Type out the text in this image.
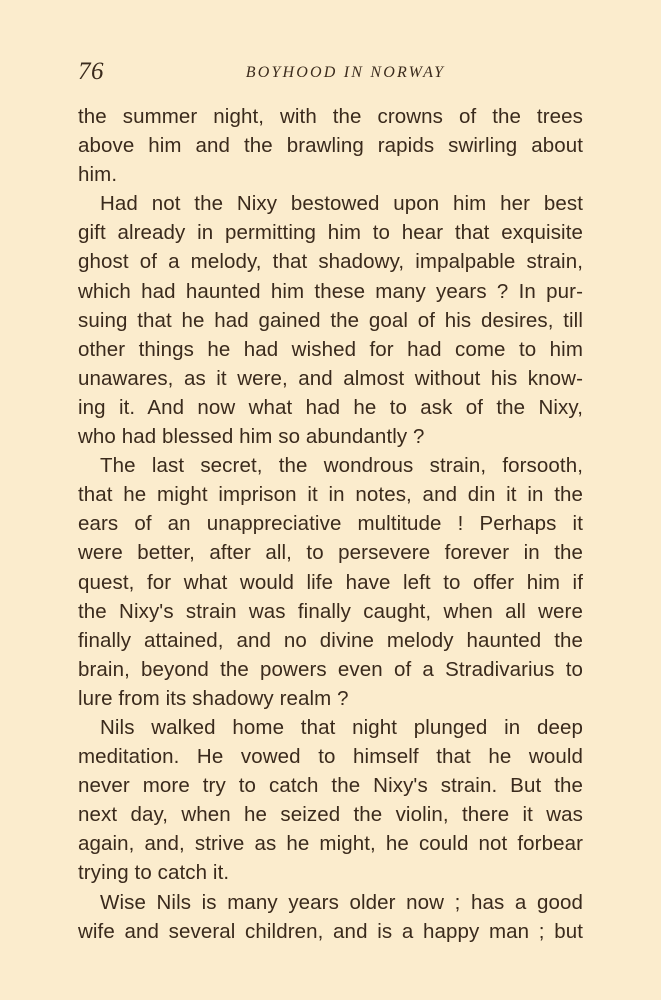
76	BOYHOOD IN NORWAY
the summer night, with the crowns of the trees
above him and the brawling rapids swirling about
him.
Had not the Nixy bestowed upon him her best
gift already in permitting him to hear that exquisite
ghost of a melody, that shadowy, impalpable strain,
which had haunted him these many years ? In pur-
suing that he had gained the goal of his desires, till
other things he had wished for had come to him
unawares, as it were, and almost without his know-
ing it. And now what had he to ask of the Nixy,
who had blessed him so abundantly ?
The last secret, the wondrous strain, forsooth,
that he might imprison it in notes, and din it in the
ears of an unappreciative multitude ! Perhaps it
were better, after all, to persevere forever in the
quest, for what would life have left to offer him if
the Nixy's strain was finally caught, when all were
finally attained, and no divine melody haunted the
brain, beyond the powers even of a Stradivarius to
lure from its shadowy realm ?
Nils walked home that night plunged in deep
meditation. He vowed to himself that he would
never more try to catch the Nixy's strain. But the
next day, when he seized the violin, there it was
again, and, strive as he might, he could not forbear
trying to catch it.
Wise Nils is many years older now ; has a good
wife and several children, and is a happy man ; but
